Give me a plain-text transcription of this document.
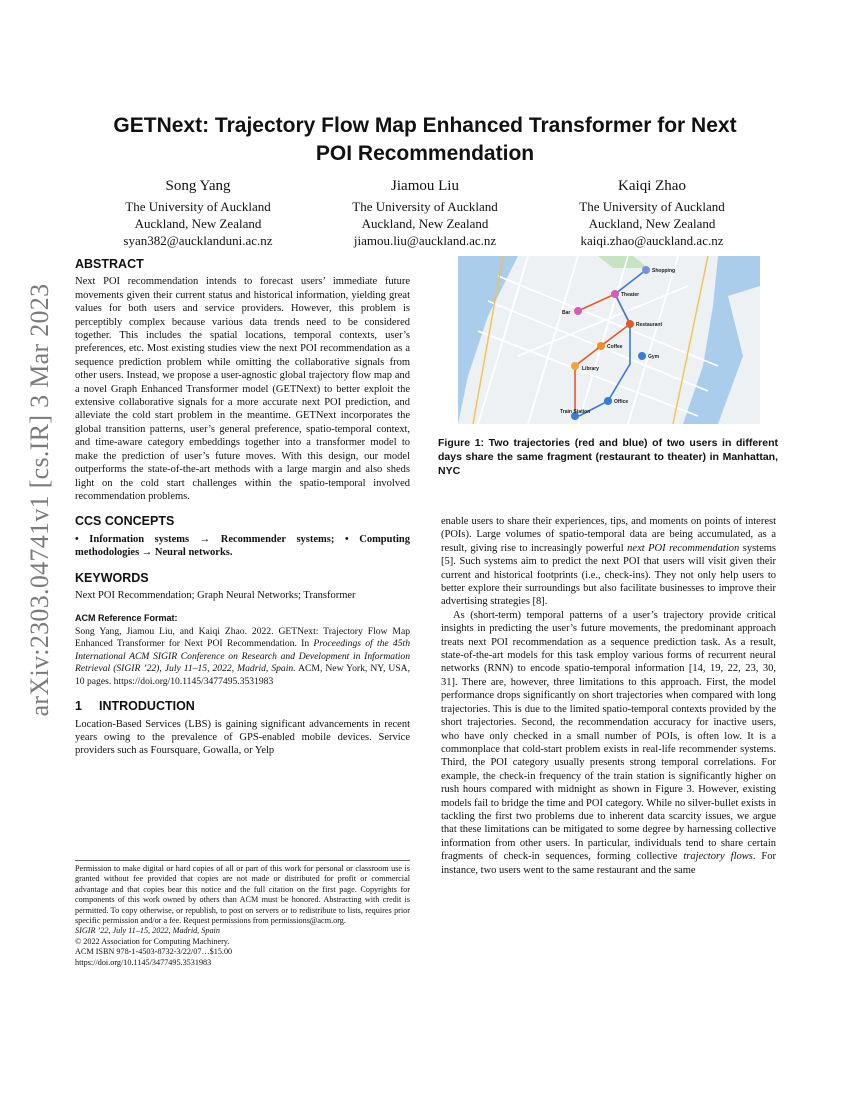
arXiv:2303.04741v1 [cs.IR] 3 Mar 2023
GETNext: Trajectory Flow Map Enhanced Transformer for Next
POI Recommendation
Song Yang
The University of Auckland
Auckland, New Zealand
syan382@aucklanduni.ac.nz
Jiamou Liu
The University of Auckland
Auckland, New Zealand
jiamou.liu@auckland.ac.nz
Kaiqi Zhao
The University of Auckland
Auckland, New Zealand
kaiqi.zhao@auckland.ac.nz
ABSTRACT

Next POI recommendation intends to forecast users’ immediate future movements given their current status and historical information, yielding great values for both users and service providers. However, this problem is perceptibly complex because various data trends need to be considered together. This includes the spatial locations, temporal contexts, user’s preferences, etc. Most existing studies view the next POI recommendation as a sequence prediction problem while omitting the collaborative signals from other users. Instead, we propose a user-agnostic global trajectory flow map and a novel Graph Enhanced Transformer model (GETNext) to better exploit the extensive collaborative signals for a more accurate next POI prediction, and alleviate the cold start problem in the meantime. GETNext incorporates the global transition patterns, user’s general preference, spatio-temporal context, and time-aware category embeddings together into a transformer model to make the prediction of user’s future moves. With this design, our model outperforms the state-of-the-art methods with a large margin and also sheds light on the cold start challenges within the spatio-temporal involved recommendation problems.

CCS CONCEPTS

• Information systems → Recommender systems; • Computing methodologies → Neural networks.

KEYWORDS

Next POI Recommendation; Graph Neural Networks; Transformer

ACM Reference Format:

Song Yang, Jiamou Liu, and Kaiqi Zhao. 2022. GETNext: Trajectory Flow Map Enhanced Transformer for Next POI Recommendation. In Proceedings of the 45th International ACM SIGIR Conference on Research and Development in Information Retrieval (SIGIR ’22), July 11–15, 2022, Madrid, Spain. ACM, New York, NY, USA, 10 pages. https://doi.org/10.1145/3477495.3531983

1 INTRODUCTION

Location-Based Services (LBS) is gaining significant advancements in recent years owing to the prevalence of GPS-enabled mobile devices. Service providers such as Foursquare, Gowalla, or Yelp

Permission to make digital or hard copies of all or part of this work for personal or classroom use is granted without fee provided that copies are not made or distributed for profit or commercial advantage and that copies bear this notice and the full citation on the first page. Copyrights for components of this work owned by others than ACM must be honored. Abstracting with credit is permitted. To copy otherwise, or republish, to post on servers or to redistribute to lists, requires prior specific permission and/or a fee. Request permissions from permissions@acm.org.
SIGIR ’22, July 11–15, 2022, Madrid, Spain
© 2022 Association for Computing Machinery.
ACM ISBN 978-1-4503-8732-3/22/07…$15.00
https://doi.org/10.1145/3477495.3531983
Shopping
Theater
Bar
Restaurant
Coffee
Gym
Library
Office
Train Station
Figure 1: Two trajectories (red and blue) of two users in different days share the same fragment (restaurant to theater) in Manhattan, NYC

enable users to share their experiences, tips, and moments on points of interest (POIs). Large volumes of spatio-temporal data are being accumulated, as a result, giving rise to increasingly powerful next POI recommendation systems [5]. Such systems aim to predict the next POI that users will visit given their current and historical footprints (i.e., check-ins). They not only help users to better explore their surroundings but also facilitate businesses to improve their advertising strategies [8].

As (short-term) temporal patterns of a user’s trajectory provide critical insights in predicting the user’s future movements, the predominant approach treats next POI recommendation as a sequence prediction task. As a result, state-of-the-art models for this task employ various forms of recurrent neural networks (RNN) to encode spatio-temporal information [14, 19, 22, 23, 30, 31]. There are, however, three limitations to this approach. First, the model performance drops significantly on short trajectories when compared with long trajectories. This is due to the limited spatio-temporal contexts provided by the short trajectories. Second, the recommendation accuracy for inactive users, who have only checked in a small number of POIs, is often low. It is a commonplace that cold-start problem exists in real-life recommender systems. Third, the POI category usually presents strong temporal correlations. For example, the check-in frequency of the train station is significantly higher on rush hours compared with midnight as shown in Figure 3. However, existing models fail to bridge the time and POI category. While no silver-bullet exists in tackling the first two problems due to inherent data scarcity issues, we argue that these limitations can be mitigated to some degree by harnessing collective information from other users. In particular, individuals tend to share certain fragments of check-in sequences, forming collective trajectory flows. For instance, two users went to the same restaurant and the same
